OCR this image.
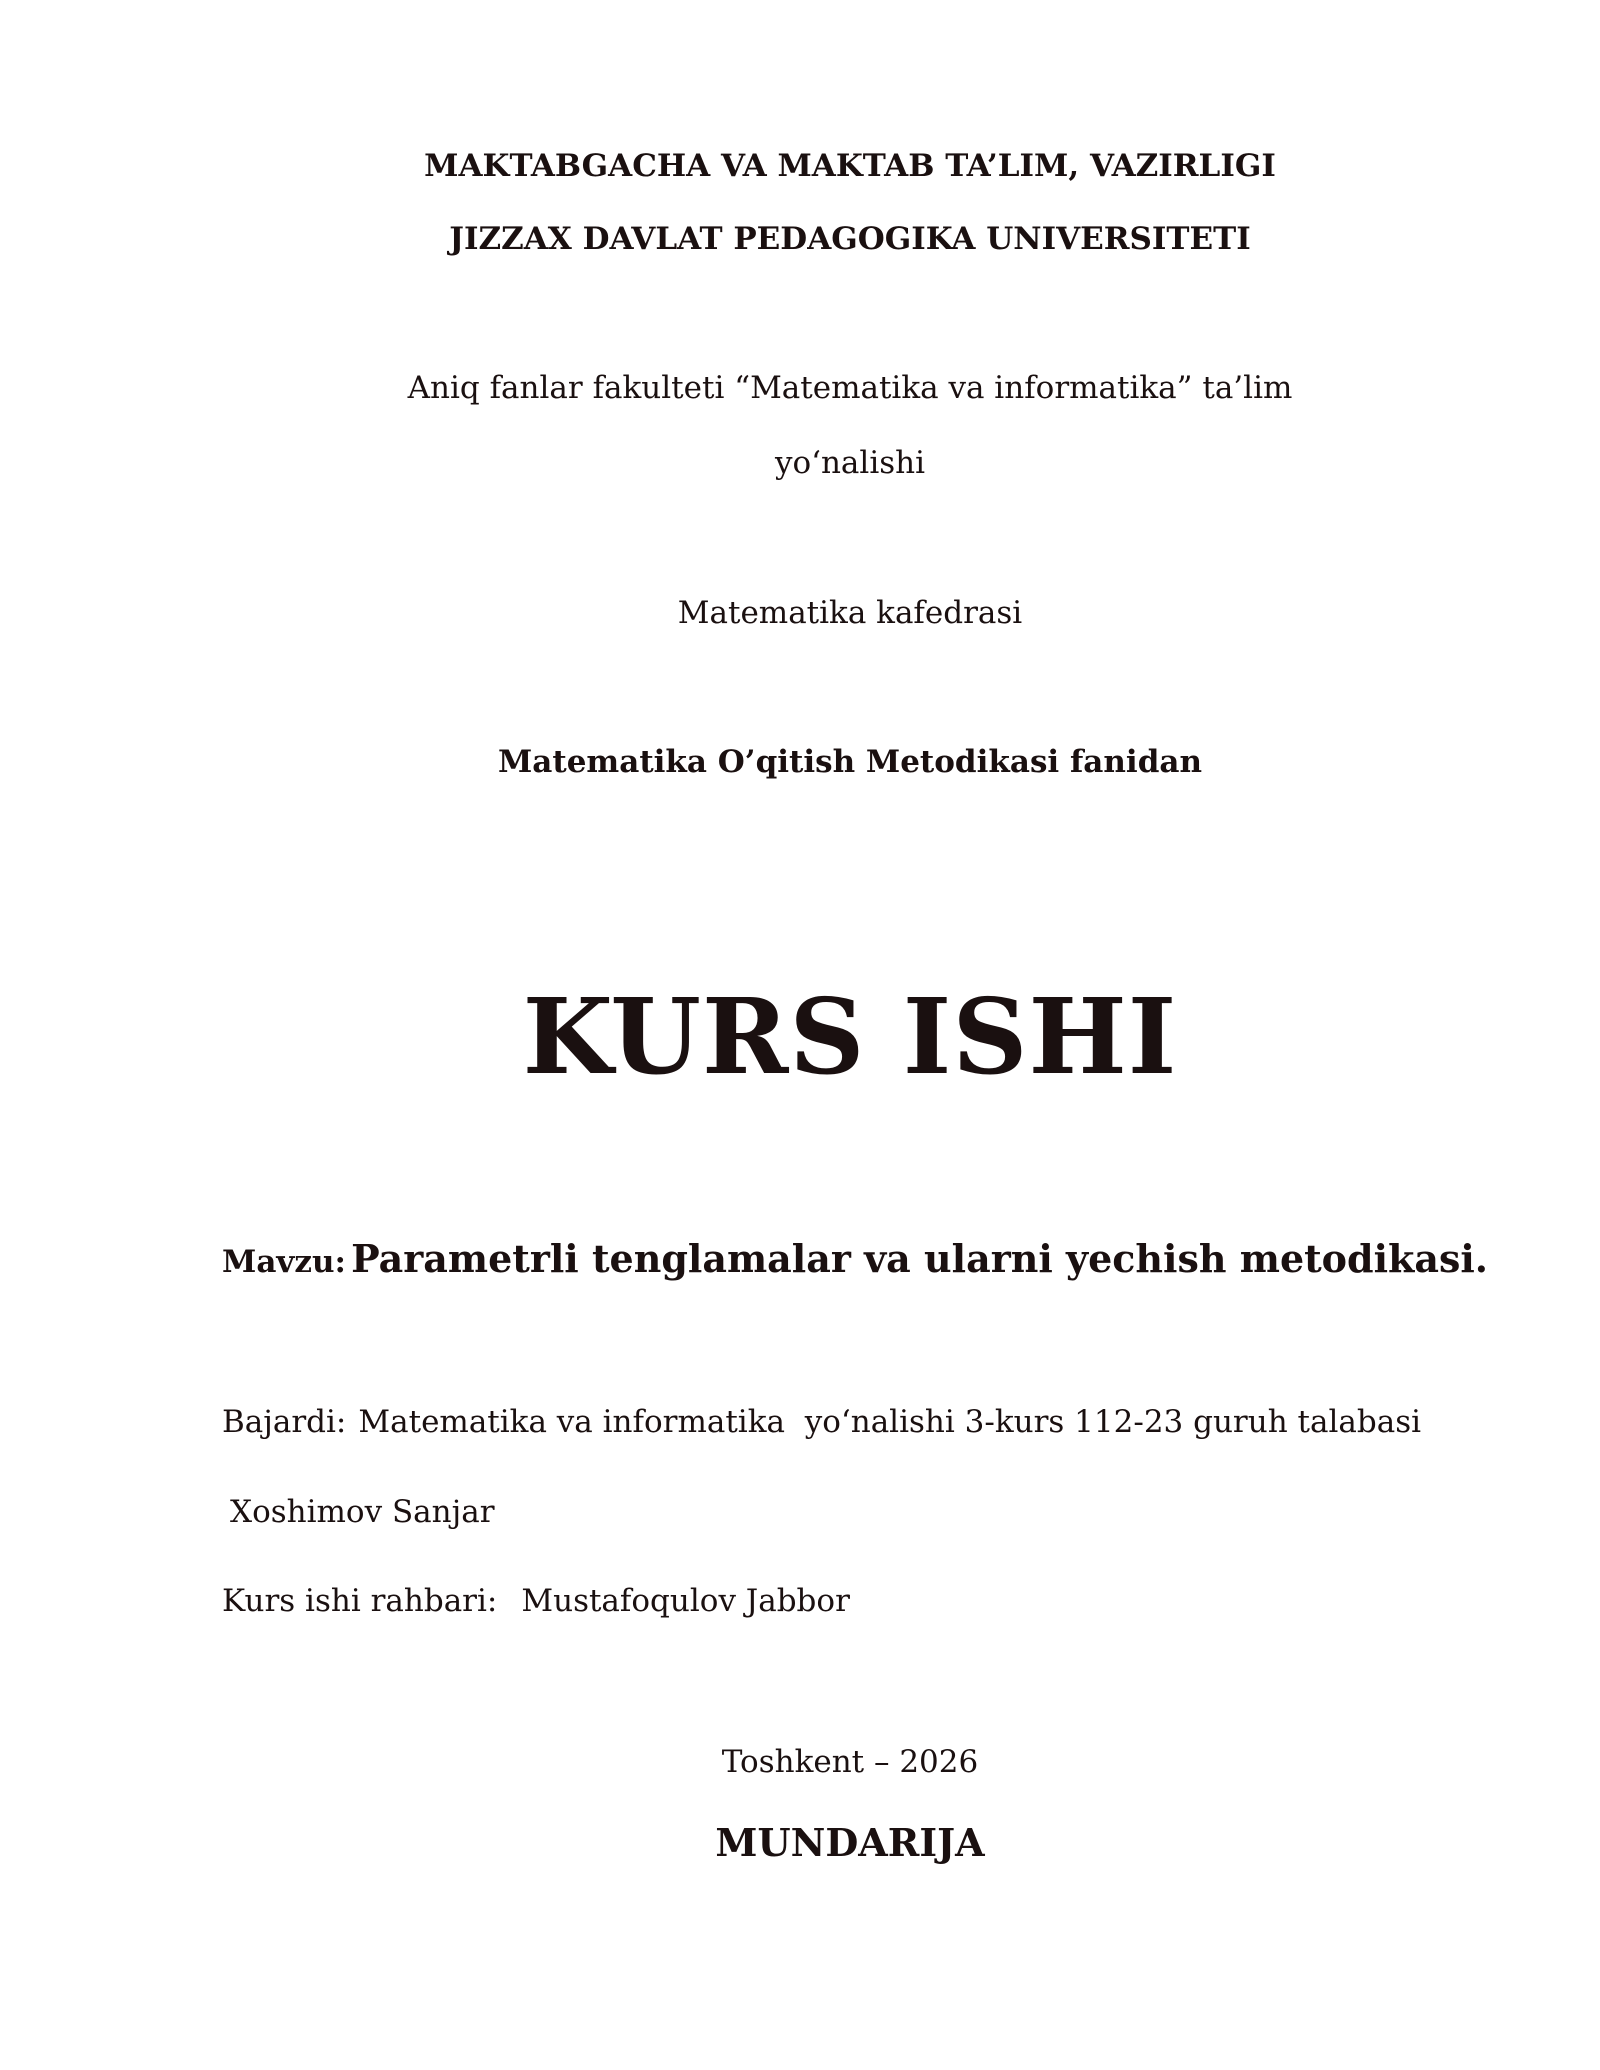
MAKTABGACHA VA MAKTAB TA’LIM, VAZIRLIGI
JIZZAX DAVLAT PEDAGOGIKA UNIVERSITETI
Aniq fanlar fakulteti “Matematika va informatika” ta’lim
yo‘nalishi
Matematika kafedrasi
Matematika O’qitish Metodikasi fanidan
KURS ISHI
Mavzu: Parametrli tenglamalar va ularni yechish metodikasi.
Bajardi: Matematika va informatika  yo‘nalishi 3-kurs 112-23 guruh talabasi
Xoshimov Sanjar
Kurs ishi rahbari: Mustafoqulov Jabbor
Toshkent – 2026
MUNDARIJA
